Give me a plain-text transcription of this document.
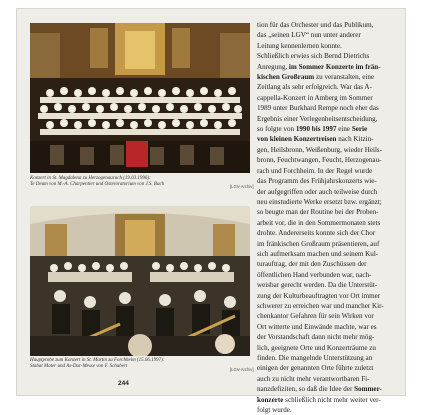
Konzert in St. Magdalena zu Herzogenaurach (19.03.1996):
Te Deum von M.-A. Charpentier und Osteroratorium von J.S. Bach	[LGV-Archiv]
Hauptprobe zum Konzert in St. Martin zu Forchheim (15.06.1997):
Stabat Mater und As-Dur-Messe von F. Schubert
[LGV-Archiv]
tion für das Orchester und das Publikum,
das „seinen LGV“ nun unter anderer
Leitung kennenlernen konnte.
Schließlich erwies sich Bernd Dietrichs
Anregung, im Sommer Konzerte im frän-
kischen Großraum zu veranstalten, eine
Zeitlang als sehr erfolgreich. War das A-
cappella-Konzert in Amberg im Sommer
1989 unter Burkhard Rempe noch eher das
Ergebnis einer Verlegenheitsentscheidung,
so folgte von 1990 bis 1997 eine Serie
von kleinen Konzertreisen nach Kitzin-
gen, Heilsbronn, Weißenburg, wieder Heils-
bronn, Feuchtwangen, Feucht, Herzogenau-
rach und Forchheim. In der Regel wurde
das Programm des Frühjahrskonzerts wie-
der aufgegriffen oder auch teilweise durch
neu einstudierte Werke ersetzt bzw. ergänzt;
so beugte man der Routine bei der Proben-
arbeit vor, die in den Sommermonaten stets
drohte. Andererseits konnte sich der Chor
im fränkischen Großraum präsentieren, auf
sich aufmerksam machen und seinem Kul-
turauftrag, der mit den Zuschüssen der
öffentlichen Hand verbunden war, nach-
weisbar gerecht werden. Da die Unterstüt-
zung der Kulturbeauftragten vor Ort immer
schwerer zu erreichen war und mancher Kir-
chenkantor Gefahren für sein Wirken vor
Ort witterte und Einwände machte, war es
der Vorstandschaft dann nicht mehr mög-
lich, geeignete Orte und Konzerträume zu
finden. Die mangelnde Unterstützung an
einigen der genannten Orte führte zuletzt
auch zu nicht mehr verantwortbaren Fi-
nanzdefiziten, so daß die Idee der Sommer-
konzerte schließlich nicht mehr weiter ver-
folgt wurde.
244
